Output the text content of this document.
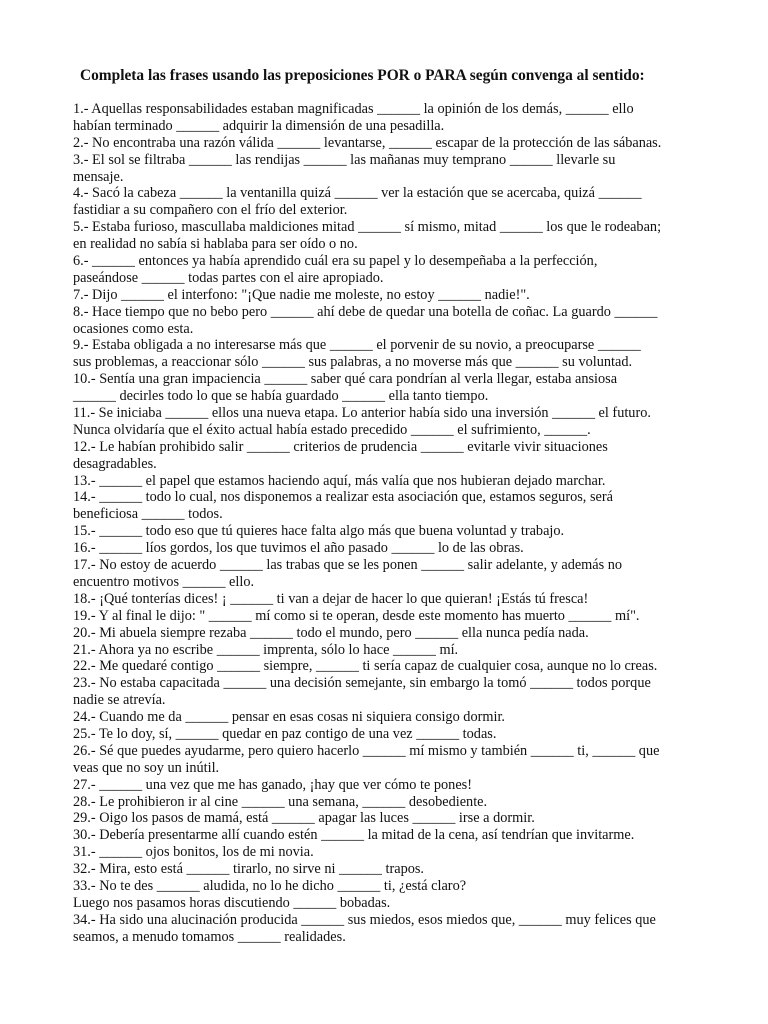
Completa las frases usando las preposiciones POR o PARA según convenga al sentido:
1.- Aquellas responsabilidades estaban magnificadas ______ la opinión de los demás, ______ ello
habían terminado ______ adquirir la dimensión de una pesadilla.
2.- No encontraba una razón válida ______ levantarse, ______ escapar de la protección de las sábanas.
3.- El sol se filtraba ______ las rendijas ______ las mañanas muy temprano ______ llevarle su
mensaje.
4.- Sacó la cabeza ______ la ventanilla quizá ______ ver la estación que se acercaba, quizá ______
fastidiar a su compañero con el frío del exterior.
5.- Estaba furioso, mascullaba maldiciones mitad ______ sí mismo, mitad ______ los que le rodeaban;
en realidad no sabía si hablaba para ser oído o no.
6.- ______ entonces ya había aprendido cuál era su papel y lo desempeñaba a la perfección,
paseándose ______ todas partes con el aire apropiado.
7.- Dijo ______ el interfono: "¡Que nadie me moleste, no estoy ______ nadie!".
8.- Hace tiempo que no bebo pero ______ ahí debe de quedar una botella de coñac. La guardo ______
ocasiones como esta.
9.- Estaba obligada a no interesarse más que ______ el porvenir de su novio, a preocuparse ______
sus problemas, a reaccionar sólo ______ sus palabras, a no moverse más que ______ su voluntad.
10.- Sentía una gran impaciencia ______ saber qué cara pondrían al verla llegar, estaba ansiosa
______ decirles todo lo que se había guardado ______ ella tanto tiempo.
11.- Se iniciaba ______ ellos una nueva etapa. Lo anterior había sido una inversión ______ el futuro.
Nunca olvidaría que el éxito actual había estado precedido ______ el sufrimiento, ______.
12.- Le habían prohibido salir ______ criterios de prudencia ______ evitarle vivir situaciones
desagradables.
13.- ______ el papel que estamos haciendo aquí, más valía que nos hubieran dejado marchar.
14.- ______ todo lo cual, nos disponemos a realizar esta asociación que, estamos seguros, será
beneficiosa ______ todos.
15.- ______ todo eso que tú quieres hace falta algo más que buena voluntad y trabajo.
16.- ______ líos gordos, los que tuvimos el año pasado ______ lo de las obras.
17.- No estoy de acuerdo ______ las trabas que se les ponen ______ salir adelante, y además no
encuentro motivos ______ ello.
18.- ¡Qué tonterías dices! ¡ ______ ti van a dejar de hacer lo que quieran! ¡Estás tú fresca!
19.- Y al final le dijo: " ______ mí como si te operan, desde este momento has muerto ______ mí".
20.- Mi abuela siempre rezaba ______ todo el mundo, pero ______ ella nunca pedía nada.
21.- Ahora ya no escribe ______ imprenta, sólo lo hace ______ mí.
22.- Me quedaré contigo ______ siempre, ______ ti sería capaz de cualquier cosa, aunque no lo creas.
23.- No estaba capacitada ______ una decisión semejante, sin embargo la tomó ______ todos porque
nadie se atrevía.
24.- Cuando me da ______ pensar en esas cosas ni siquiera consigo dormir.
25.- Te lo doy, sí, ______ quedar en paz contigo de una vez ______ todas.
26.- Sé que puedes ayudarme, pero quiero hacerlo ______ mí mismo y también ______ ti, ______ que
veas que no soy un inútil.
27.- ______ una vez que me has ganado, ¡hay que ver cómo te pones!
28.- Le prohibieron ir al cine ______ una semana, ______ desobediente.
29.- Oigo los pasos de mamá, está ______ apagar las luces ______ irse a dormir.
30.- Debería presentarme allí cuando estén ______ la mitad de la cena, así tendrían que invitarme.
31.- ______ ojos bonitos, los de mi novia.
32.- Mira, esto está ______ tirarlo, no sirve ni ______ trapos.
33.- No te des ______ aludida, no lo he dicho ______ ti, ¿está claro?
Luego nos pasamos horas discutiendo ______ bobadas.
34.- Ha sido una alucinación producida ______ sus miedos, esos miedos que, ______ muy felices que
seamos, a menudo tomamos ______ realidades.
